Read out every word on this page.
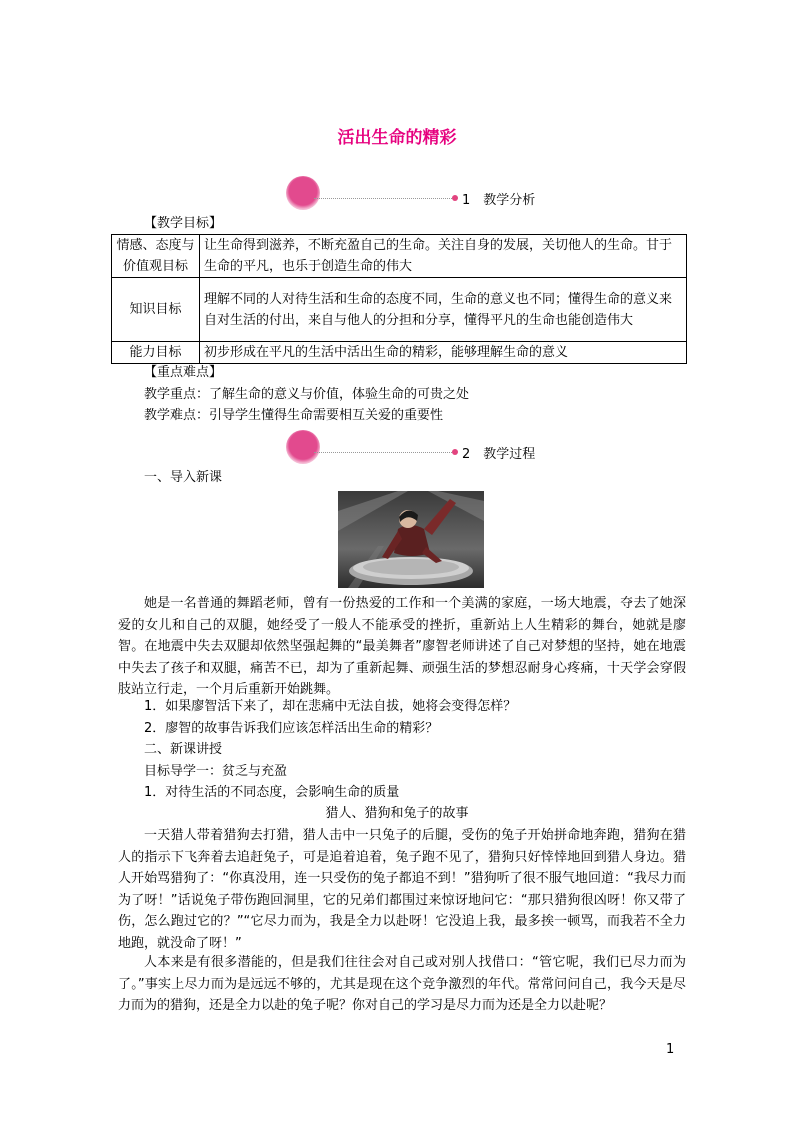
活出生命的精彩
1　教学分析
【教学目标】
情感、态度与价值观目标	让生命得到滋养，不断充盈自己的生命。关注自身的发展，关切他人的生命。甘于生命的平凡，也乐于创造生命的伟大
知识目标	理解不同的人对待生活和生命的态度不同，生命的意义也不同；懂得生命的意义来自对生活的付出，来自与他人的分担和分享，懂得平凡的生命也能创造伟大
能力目标	初步形成在平凡的生活中活出生命的精彩，能够理解生命的意义
【重点难点】
教学重点：了解生命的意义与价值，体验生命的可贵之处
教学难点：引导学生懂得生命需要相互关爱的重要性
2　教学过程
一、导入新课
她是一名普通的舞蹈老师，曾有一份热爱的工作和一个美满的家庭，一场大地震，夺去了她深爱的女儿和自己的双腿，她经受了一般人不能承受的挫折，重新站上人生精彩的舞台，她就是廖智。在地震中失去双腿却依然坚强起舞的“最美舞者”廖智老师讲述了自己对梦想的坚持，她在地震中失去了孩子和双腿，痛苦不已，却为了重新起舞、顽强生活的梦想忍耐身心疼痛，十天学会穿假肢站立行走，一个月后重新开始跳舞。
1．如果廖智活下来了，却在悲痛中无法自拔，她将会变得怎样？
2．廖智的故事告诉我们应该怎样活出生命的精彩？
二、新课讲授
目标导学一：贫乏与充盈
1．对待生活的不同态度，会影响生命的质量
猎人、猎狗和兔子的故事
一天猎人带着猎狗去打猎，猎人击中一只兔子的后腿，受伤的兔子开始拼命地奔跑，猎狗在猎人的指示下飞奔着去追赶兔子，可是追着追着，兔子跑不见了，猎狗只好悻悻地回到猎人身边。猎人开始骂猎狗了：“你真没用，连一只受伤的兔子都追不到！”猎狗听了很不服气地回道：“我尽力而为了呀！”话说兔子带伤跑回洞里，它的兄弟们都围过来惊讶地问它：“那只猎狗很凶呀！你又带了伤，怎么跑过它的？”“它尽力而为，我是全力以赴呀！它没追上我，最多挨一顿骂，而我若不全力地跑，就没命了呀！”
人本来是有很多潜能的，但是我们往往会对自己或对别人找借口：“管它呢，我们已尽力而为了。”事实上尽力而为是远远不够的，尤其是现在这个竞争激烈的年代。常常问问自己，我今天是尽力而为的猎狗，还是全力以赴的兔子呢？你对自己的学习是尽力而为还是全力以赴呢？
1
